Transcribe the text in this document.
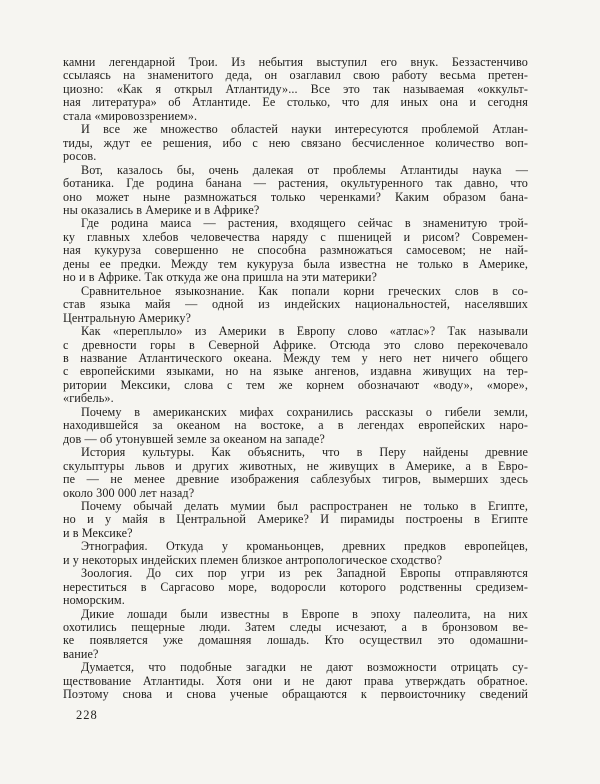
камни легендарной Трои. Из небытия выступил его внук. Беззастенчиво
ссылаясь на знаменитого деда, он озаглавил свою работу весьма претен-
циозно: «Как я открыл Атлантиду»... Все это так называемая «оккульт-
ная литература» об Атлантиде. Ее столько, что для иных она и сегодня
стала «мировоззрением».
И все же множество областей науки интересуются проблемой Атлан-
тиды, ждут ее решения, ибо с нею связано бесчисленное количество воп-
росов.
Вот, казалось бы, очень далекая от проблемы Атлантиды наука —
ботаника. Где родина банана — растения, окультуренного так давно, что
оно может ныне размножаться только черенками? Каким образом бана-
ны оказались в Америке и в Африке?
Где родина маиса — растения, входящего сейчас в знаменитую трой-
ку главных хлебов человечества наряду с пшеницей и рисом? Современ-
ная кукуруза совершенно не способна размножаться самосевом; не най-
дены ее предки. Между тем кукуруза была известна не только в Америке,
но и в Африке. Так откуда же она пришла на эти материки?
Сравнительное языкознание. Как попали корни греческих слов в со-
став языка майя — одной из индейских национальностей, населявших
Центральную Америку?
Как «переплыло» из Америки в Европу слово «атлас»? Так называли
с древности горы в Северной Африке. Отсюда это слово перекочевало
в название Атлантического океана. Между тем у него нет ничего общего
с европейскими языками, но на языке ангенов, издавна живущих на тер-
ритории Мексики, слова с тем же корнем обозначают «воду», «море»,
«гибель».
Почему в американских мифах сохранились рассказы о гибели земли,
находившейся за океаном на востоке, а в легендах европейских наро-
дов — об утонувшей земле за океаном на западе?
История культуры. Как объяснить, что в Перу найдены древние
скульптуры львов и других животных, не живущих в Америке, а в Евро-
пе — не менее древние изображения саблезубых тигров, вымерших здесь
около 300 000 лет назад?
Почему обычай делать мумии был распространен не только в Египте,
но и у майя в Центральной Америке? И пирамиды построены в Египте
и в Мексике?
Этнография. Откуда у кроманьонцев, древних предков европейцев,
и у некоторых индейских племен близкое антропологическое сходство?
Зоология. До сих пор угри из рек Западной Европы отправляются
нереститься в Саргасово море, водоросли которого родственны средизем-
номорским.
Дикие лошади были известны в Европе в эпоху палеолита, на них
охотились пещерные люди. Затем следы исчезают, а в бронзовом ве-
ке появляется уже домашняя лошадь. Кто осуществил это одомашни-
вание?
Думается, что подобные загадки не дают возможности отрицать су-
ществование Атлантиды. Хотя они и не дают права утверждать обратное.
Поэтому снова и снова ученые обращаются к первоисточнику сведений
228
